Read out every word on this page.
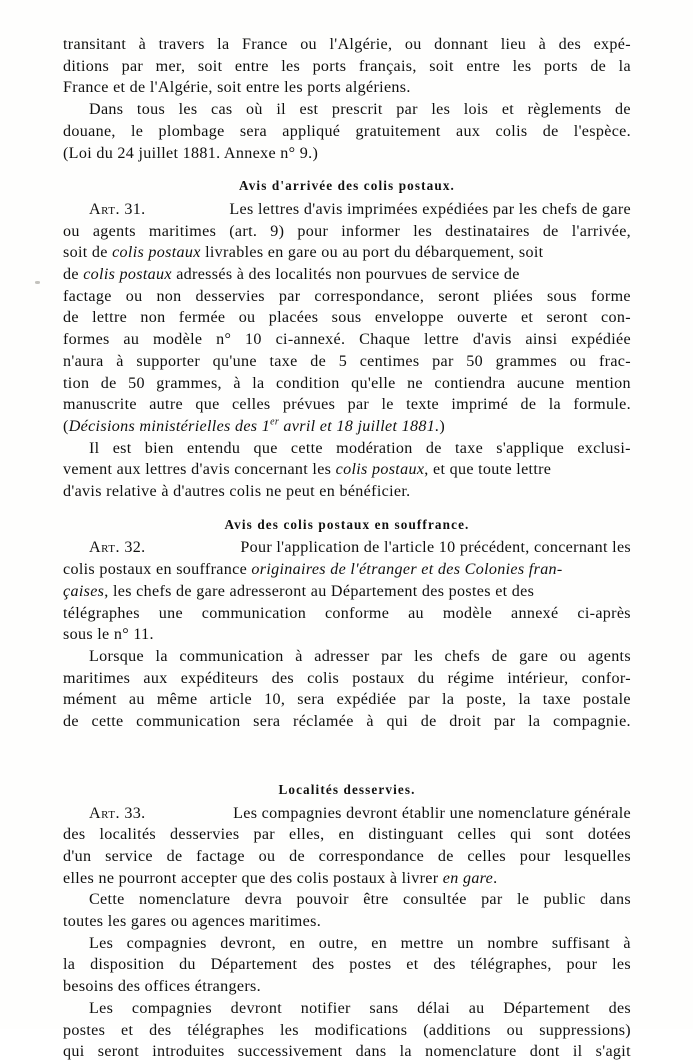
transitant à travers la France ou l'Algérie, ou donnant lieu à des expé-
ditions par mer, soit entre les ports français, soit entre les ports de la
France et de l'Algérie, soit entre les ports algériens.
Dans tous les cas où il est prescrit par les lois et règlements de
douane, le plombage sera appliqué gratuitement aux colis de l'espèce.
(Loi du 24 juillet 1881. Annexe n° 9.)
Avis d'arrivée des colis postaux.
Art. 31.	Les lettres d'avis imprimées expédiées par les chefs de gare
ou agents maritimes (art. 9) pour informer les destinataires de l'arrivée,
soit de colis postaux livrables en gare ou au port du débarquement, soit
de colis postaux adressés à des localités non pourvues de service de
factage ou non desservies par correspondance, seront pliées sous forme
de lettre non fermée ou placées sous enveloppe ouverte et seront con-
formes au modèle n° 10 ci-annexé. Chaque lettre d'avis ainsi expédiée
n'aura à supporter qu'une taxe de 5 centimes par 50 grammes ou frac-
tion de 50 grammes, à la condition qu'elle ne contiendra aucune mention
manuscrite autre que celles prévues par le texte imprimé de la formule.
(Décisions ministérielles des 1er avril et 18 juillet 1881.)
Il est bien entendu que cette modération de taxe s'applique exclusi-
vement aux lettres d'avis concernant les colis postaux, et que toute lettre
d'avis relative à d'autres colis ne peut en bénéficier.
Avis des colis postaux en souffrance.
Art. 32.	Pour l'application de l'article 10 précédent, concernant les
colis postaux en souffrance originaires de l'étranger et des Colonies fran-
çaises, les chefs de gare adresseront au Département des postes et des
télégraphes une communication conforme au modèle annexé ci-après
sous le n° 11.
Lorsque la communication à adresser par les chefs de gare ou agents
maritimes aux expéditeurs des colis postaux du régime intérieur, confor-
mément au même article 10, sera expédiée par la poste, la taxe postale
de cette communication sera réclamée à qui de droit par la compagnie.
Localités desservies.
Art. 33.	Les compagnies devront établir une nomenclature générale
des localités desservies par elles, en distinguant celles qui sont dotées
d'un service de factage ou de correspondance de celles pour lesquelles
elles ne pourront accepter que des colis postaux à livrer en gare.
Cette nomenclature devra pouvoir être consultée par le public dans
toutes les gares ou agences maritimes.
Les compagnies devront, en outre, en mettre un nombre suffisant à
la disposition du Département des postes et des télégraphes, pour les
besoins des offices étrangers.
Les compagnies devront notifier sans délai au Département des
postes et des télégraphes les modifications (additions ou suppressions)
qui seront introduites successivement dans la nomenclature dont il s'agit
